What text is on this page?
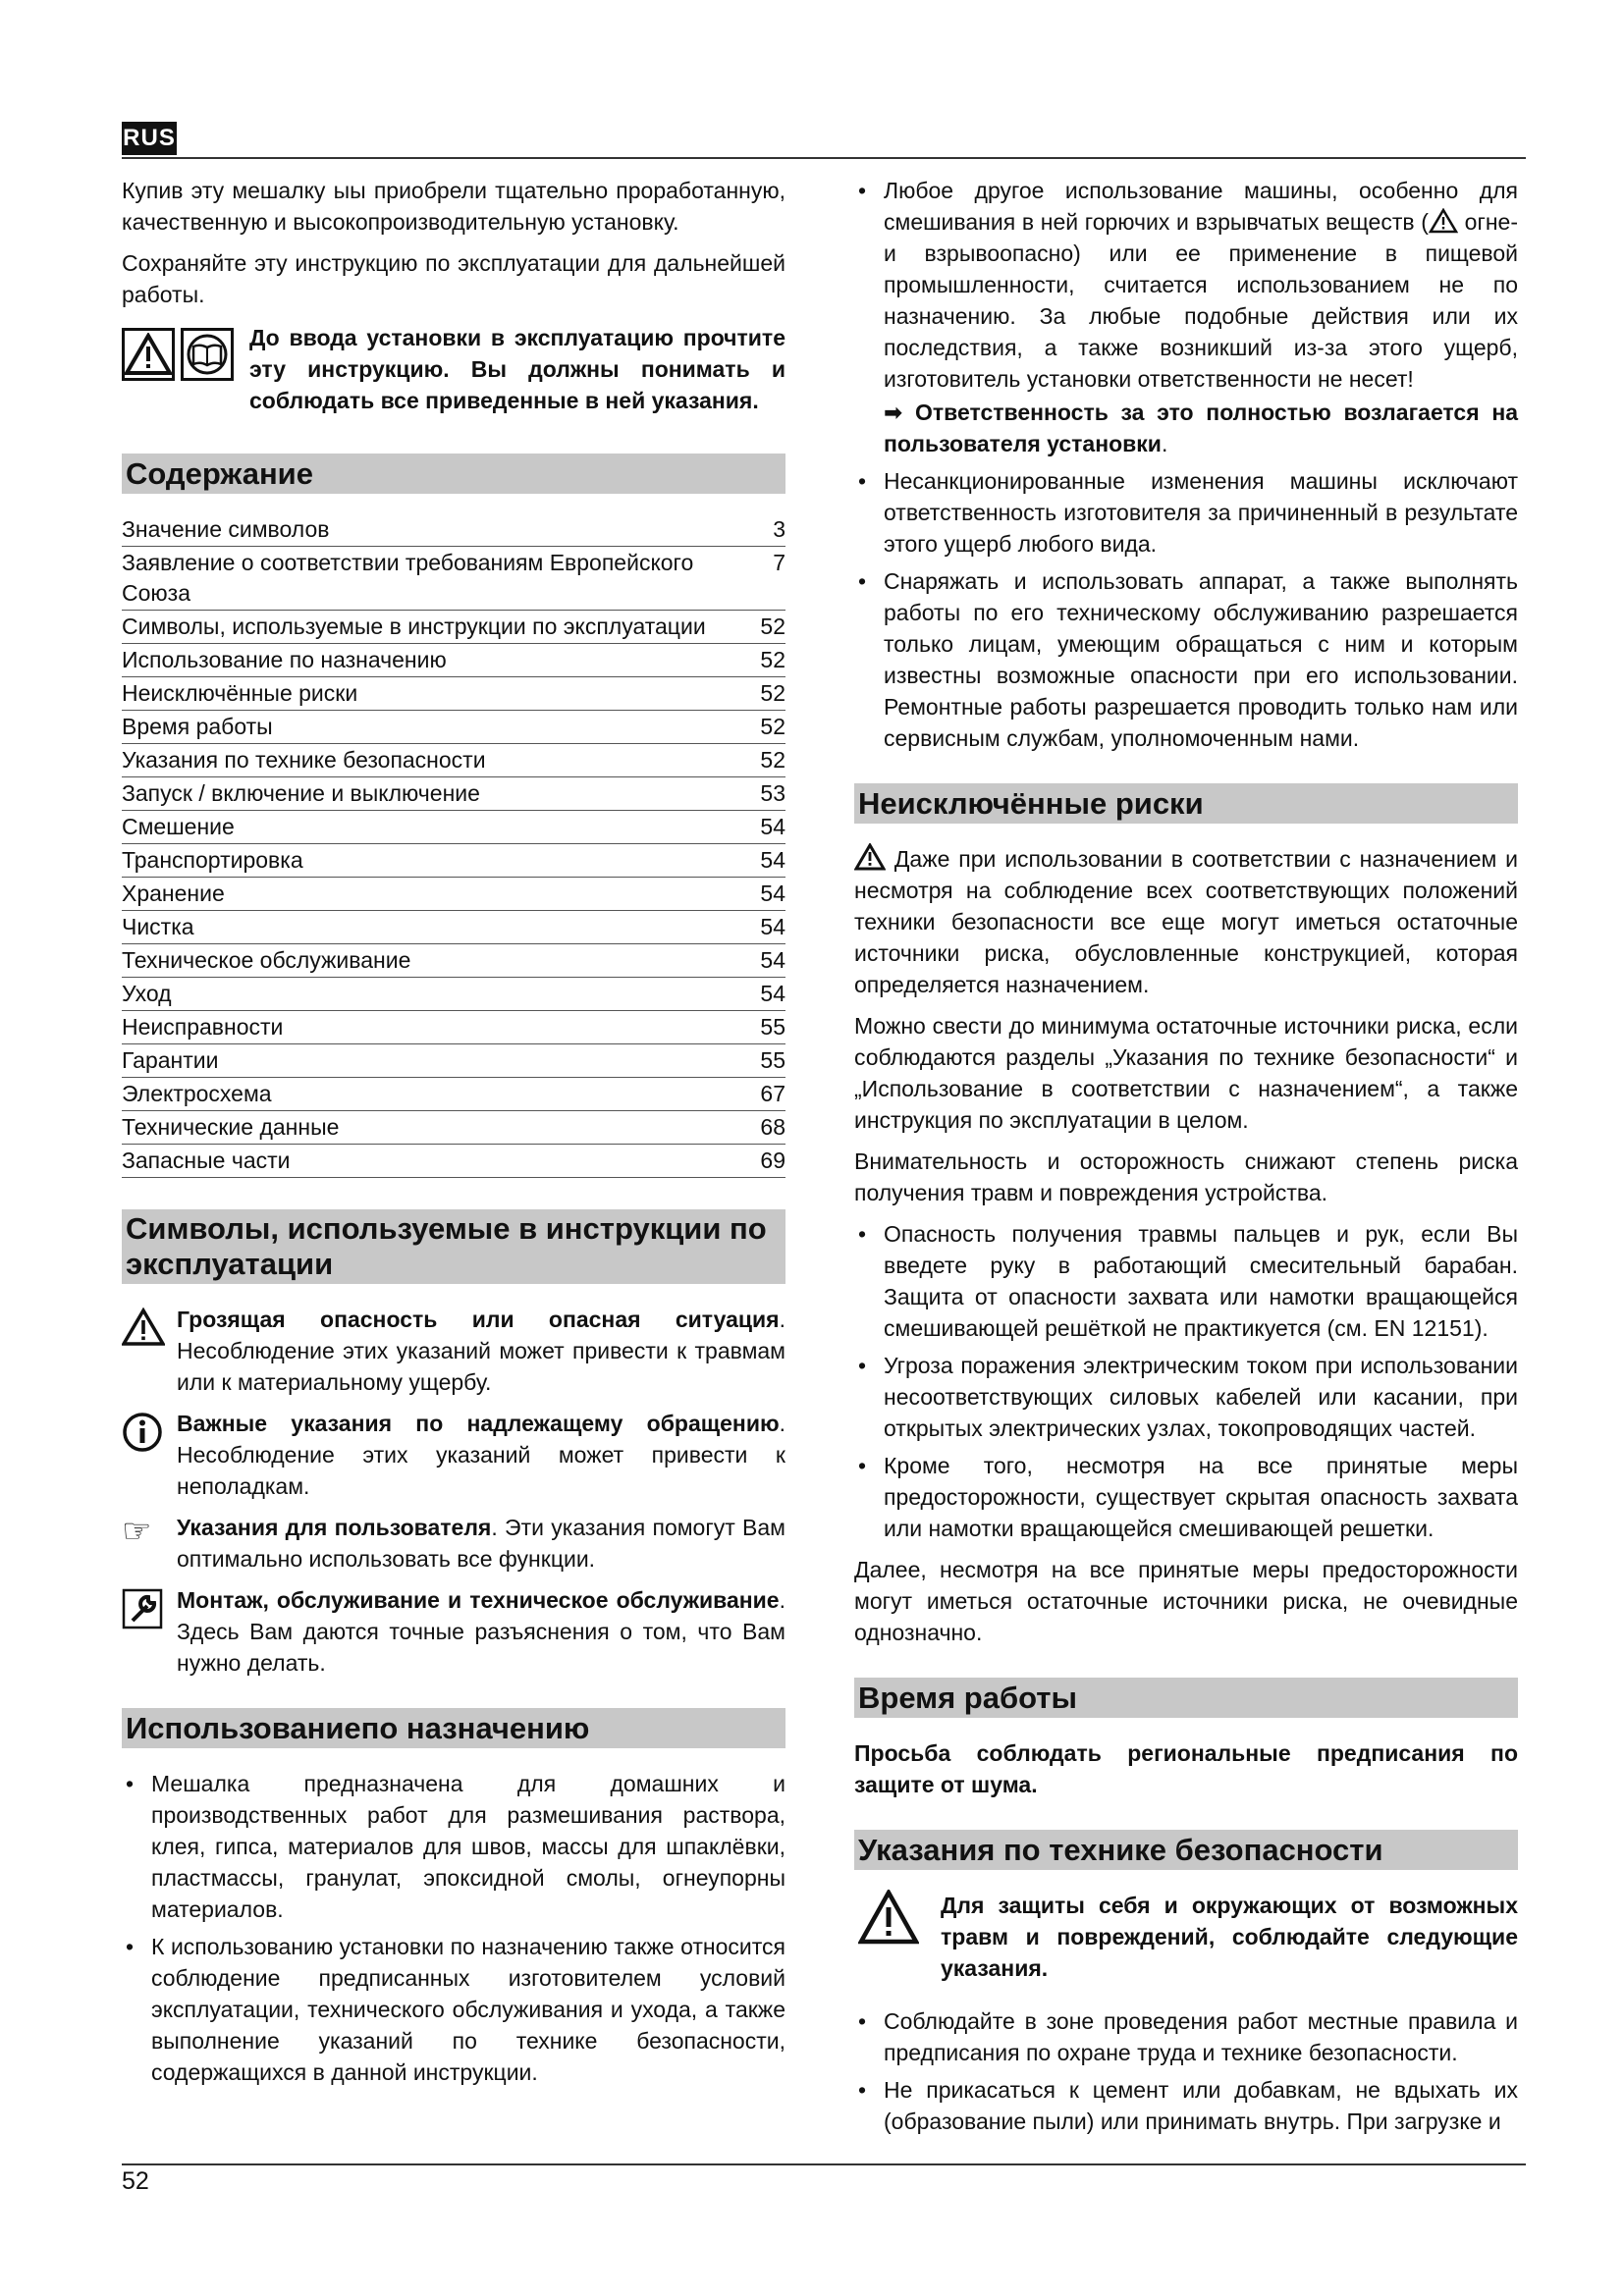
RUS

Купив эту мешалку ыы приобрели тщательно проработанную, качественную и высокопроизводительную установку.

Сохраняйте эту инструкцию по эксплуатации для дальнейшей работы.

До ввода установки в эксплуатацию прочтите эту инструкцию. Вы должны понимать и соблюдать все приведенные в ней указания.

Содержание
Значение символов	3
Заявление о соответствии требованиям Европейского Союза	7
Символы, используемые в инструкции по эксплуатации	52
Использование по назначению	52
Неисключённые риски	52
Время работы	52
Указания по технике безопасности	52
Запуск / включение и выключение	53
Смешение	54
Транспортировка	54
Хранение	54
Чистка	54
Техническое обслуживание	54
Уход	54
Неисправности	55
Гарантии	55
Электросхема	67
Технические данные	68
Запасные части	69
Символы, используемые в инструкции по эксплуатации
Грозящая опасность или опасная ситуация. Несоблюдение этих указаний может привести к травмам или к материальному ущербу.
Важные указания по надлежащему обращению. Несоблюдение этих указаний может привести к неполадкам.
☞	Указания для пользователя. Эти указания помогут Вам оптимально использовать все функции.
Монтаж, обслуживание и техническое обслуживание. Здесь Вам даются точные разъяснения о том, что Вам нужно делать.
Использованиепо назначению
• Мешалка предназначена для домашних и производственных работ для размешивания раствора, клея, гипса, материалов для швов, массы для шпаклёвки, пластмассы, гранулат, эпоксидной смолы, огнеупорны материалов.
• К использованию установки по назначению также относится соблюдение предписанных изготовителем условий эксплуатации, технического обслуживания и ухода, а также выполнение указаний по технике безопасности, содержащихся в данной инструкции.
• Любое другое использование машины, особенно для смешивания в ней горючих и взрывчатых веществ ( огне- и взрывоопасно) или ее применение в пищевой промышленности, считается использованием не по назначению. За любые подобные действия или их последствия, а также возникший из-за этого ущерб, изготовитель установки ответственности не несет!
➡ Ответственность за это полностью возлагается на пользователя установки.
• Несанкционированные изменения машины исключают ответственность изготовителя за причиненный в результате этого ущерб любого вида.
• Снаряжать и использовать аппарат, а также выполнять работы по его техническому обслуживанию разрешается только лицам, умеющим обращаться с ним и которым известны возможные опасности при его использовании. Ремонтные работы разрешается проводить только нам или сервисным службам, уполномоченным нами.
Неисключённые риски

Даже при использовании в соответствии с назначением и несмотря на соблюдение всех соответствующих положений техники безопасности все еще могут иметься остаточные источники риска, обусловленные конструкцией, которая определяется назначением.

Можно свести до минимума остаточные источники риска, если соблюдаются разделы „Указания по технике безопасности“ и „Использование в соответствии с назначением“, а также инструкция по эксплуатации в целом.

Внимательность и осторожность снижают степень риска получения травм и повреждения устройства.

• Опасность получения травмы пальцев и рук, если Вы введете руку в работающий смесительный барабан. Защита от опасности захвата или намотки вращающейся смешивающей решёткой не практикуется (см. EN 12151).
• Угроза поражения электрическим током при использовании несоответствующих силовых кабелей или касании, при открытых электрических узлах, токопроводящих частей.
• Кроме того, несмотря на все принятые меры предосторожности, существует скрытая опасность захвата или намотки вращающейся смешивающей решетки.

Далее, несмотря на все принятые меры предосторожности могут иметься остаточные источники риска, не очевидные однозначно.

Время работы

Просьба соблюдать региональные предписания по защите от шума.

Указания по технике безопасности

Для защиты себя и окружающих от возможных травм и повреждений, соблюдайте следующие указания.

• Соблюдайте в зоне проведения работ местные правила и предписания по охране труда и технике безопасности.
• Не прикасаться к цемент или добавкам, не вдыхать их (образование пыли) или принимать внутрь. При загрузке и
52
